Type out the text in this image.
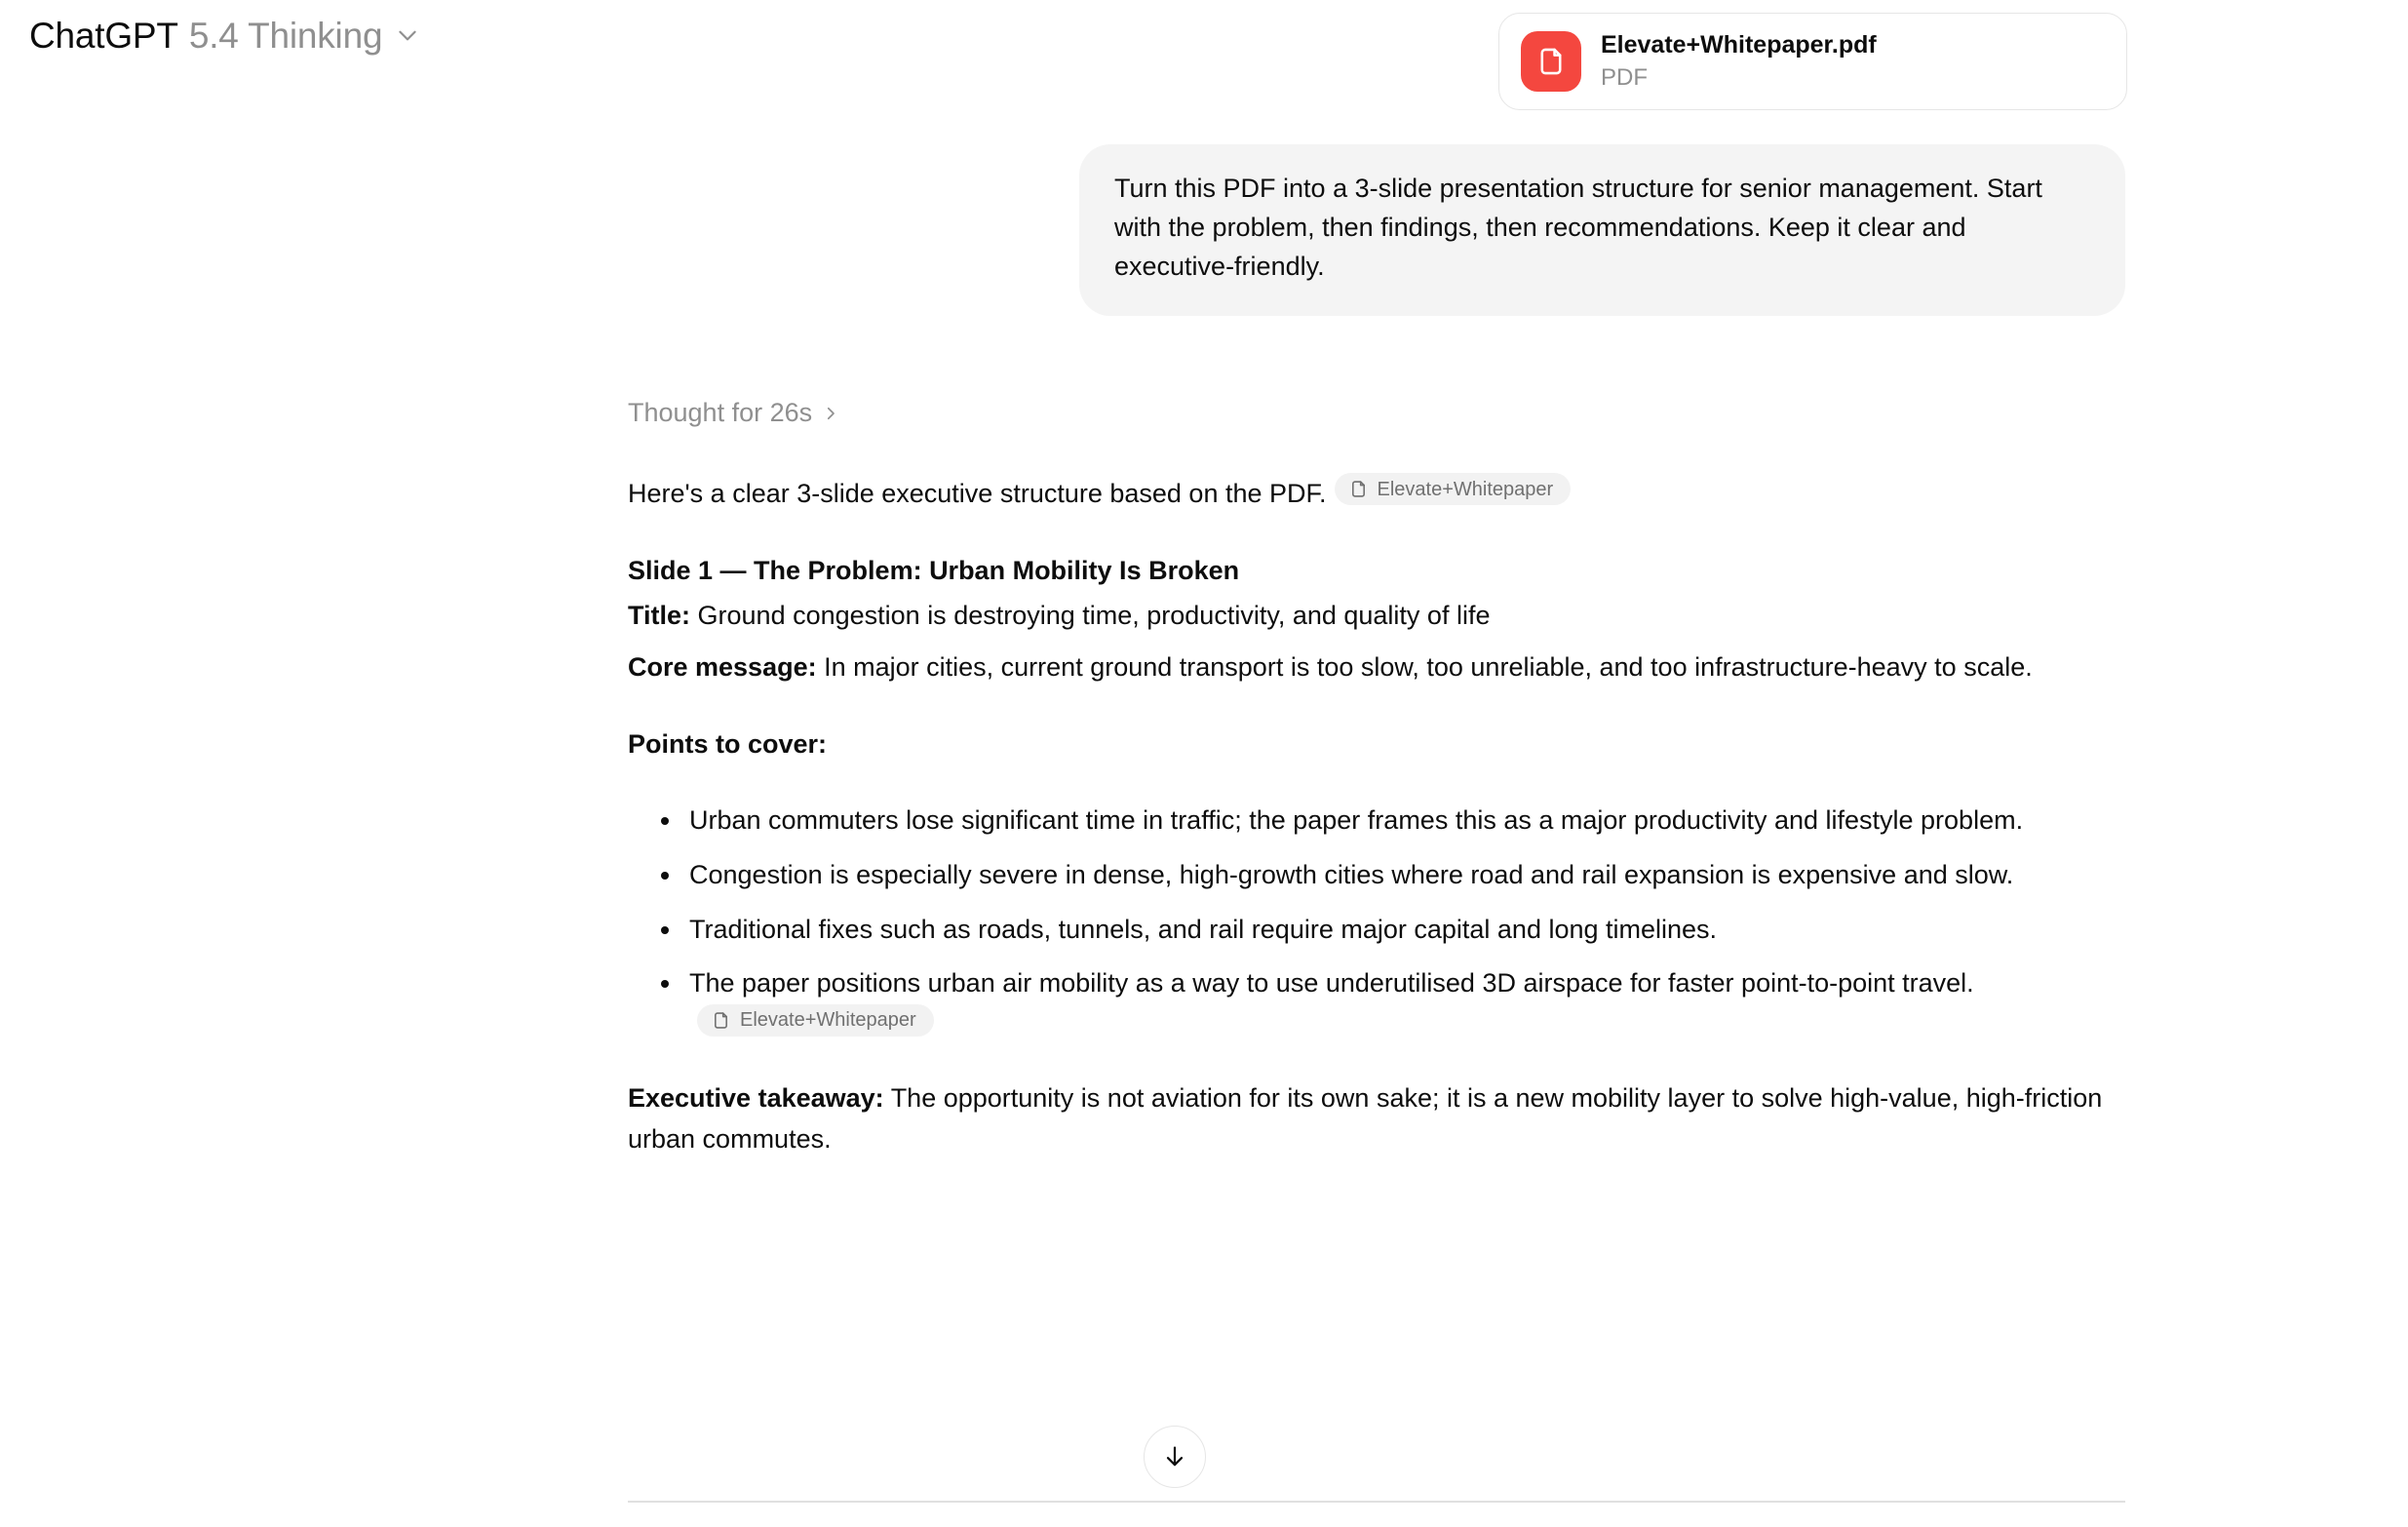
ChatGPT 5.4 Thinking	Elevate+Whitepaper.pdf
PDF
Turn this PDF into a 3-slide presentation structure for senior management. Start with the problem, then findings, then recommendations. Keep it clear and executive-friendly.
Thought for 26s

Here's a clear 3-slide executive structure based on the PDF.	Elevate+Whitepaper

Slide 1 — The Problem: Urban Mobility Is Broken

Title: Ground congestion is destroying time, productivity, and quality of life

Core message: In major cities, current ground transport is too slow, too unreliable, and too infrastructure-heavy to scale.

Points to cover:

Urban commuters lose significant time in traffic; the paper frames this as a major productivity and lifestyle problem.
Congestion is especially severe in dense, high-growth cities where road and rail expansion is expensive and slow.
Traditional fixes such as roads, tunnels, and rail require major capital and long timelines.
The paper positions urban air mobility as a way to use underutilised 3D airspace for faster point-to-point travel.
Elevate+Whitepaper

Executive takeaway: The opportunity is not aviation for its own sake; it is a new mobility layer to solve high-value, high-friction urban commutes.
